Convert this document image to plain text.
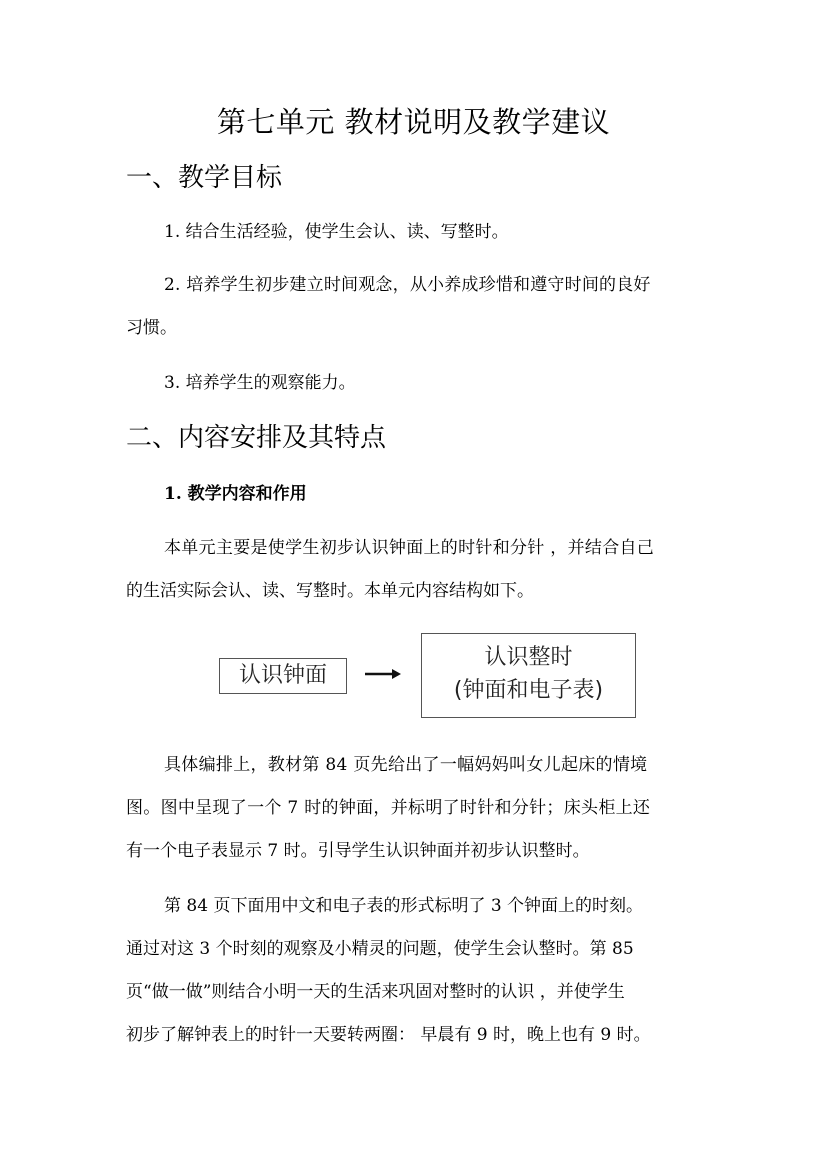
第七单元 教材说明及教学建议
一、教学目标
1. 结合生活经验，使学生会认、读、写整时。
2. 培养学生初步建立时间观念，从小养成珍惜和遵守时间的良好
习惯。
3. 培养学生的观察能力。
二、内容安排及其特点
1. 教学内容和作用
本单元主要是使学生初步认识钟面上的时针和分针 ，并结合自己
的生活实际会认、读、写整时。本单元内容结构如下。
认识钟面
认识整时
(钟面和电子表)
具体编排上，教材第 84 页先给出了一幅妈妈叫女儿起床的情境
图。图中呈现了一个 7 时的钟面，并标明了时针和分针；床头柜上还
有一个电子表显示 7 时。引导学生认识钟面并初步认识整时。
第 84 页下面用中文和电子表的形式标明了 3 个钟面上的时刻。
通过对这 3 个时刻的观察及小精灵的问题，使学生会认整时。第 85
页“做一做”则结合小明一天的生活来巩固对整时的认识 ，并使学生
初步了解钟表上的时针一天要转两圈： 早晨有 9 时，晚上也有 9 时。
